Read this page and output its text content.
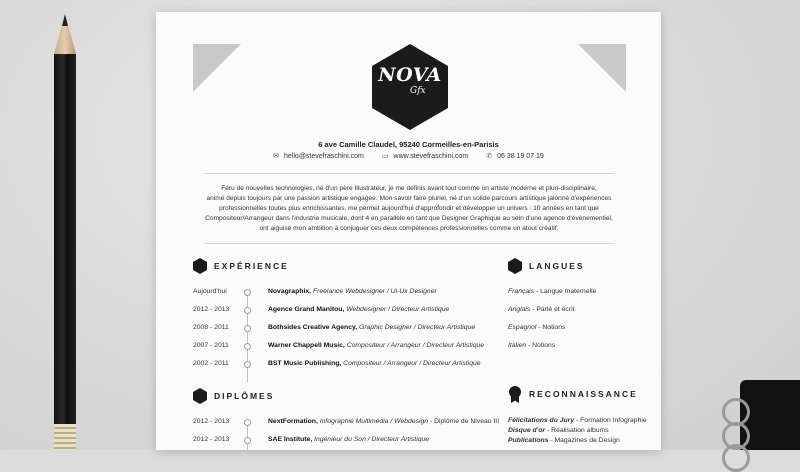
NOVA
Gfx
6 ave Camille Claudel, 95240 Cormeilles-en-Parisis
✉ hello@stevefraschini.com	▭ www.stevefraschini.com	✆ 06 38 19 07 19
Féru de nouvelles technologies, né d'un père Illustrateur, je me définis avant tout comme un artiste moderne et pluri-disciplinaire,
animé depuis toujours par une passion artistique engagée. Mon savoir faire pluriel, né d'un solide parcours artistique jalonné d'expériences
professionnelles toutes plus enrichissantes, me permet aujourd'hui d'approfondir et développer un univers : 10 années en tant que
Compositeur/Arrangeur dans l'industrie musicale, dont 4 en parallèle en tant que Designer Graphique au sein d'une agence d'évènementiel,
ont aiguisé mon ambition à conjuguer ces deux compétences professionnelles comme un atout créatif.
EXPÉRIENCE
Aujourd'hui	Novagraphix, Freelance Webdesigner / Ui-Ux Designer
2012 - 2013	Agence Grand Manitou, Webdesigner / Directeur Artistique
2008 - 2011	Bothsides Creative Agency, Graphic Designer / Directeur Artistique
2007 - 2011	Warner Chappell Music, Compositeur / Arrangeur / Directeur Artistique
2002 - 2011	BST Music Publishing, Compositeur / Arrangeur / Directeur Artistique
DIPLÔMES
2012 - 2013	NextFormation, Infographie Multimedia / Webdesign - Diplôme de Niveau III
2012 - 2013	SAE Institute, Ingénieur du Son / Directeur Artistique
LANGUES
Français - Langue maternelle
Anglais - Parlé et écrit
Espagnol - Notions
Italien - Notions
RECONNAISSANCE
Félicitations du Jury - Formation Infographie
Disque d'or - Réalisation albums
Publications - Magazines de Design
